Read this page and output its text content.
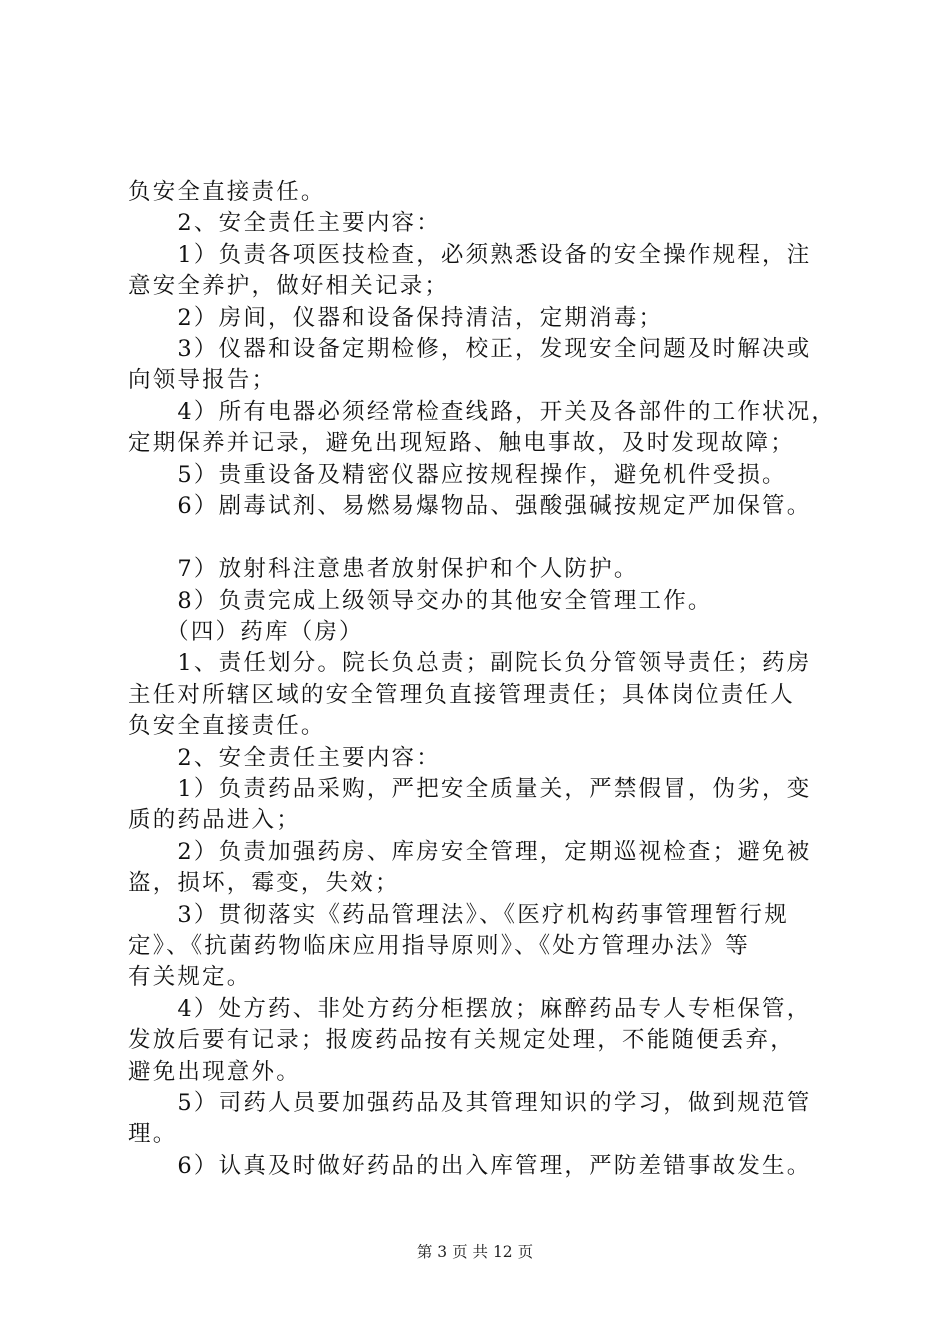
负安全直接责任。
　　2、安全责任主要内容：
　　1）负责各项医技检查，必须熟悉设备的安全操作规程，注
意安全养护，做好相关记录；
　　2）房间，仪器和设备保持清洁，定期消毒；
　　3）仪器和设备定期检修，校正，发现安全问题及时解决或
向领导报告；
　　4）所有电器必须经常检查线路，开关及各部件的工作状况，
定期保养并记录，避免出现短路、触电事故，及时发现故障；
　　5）贵重设备及精密仪器应按规程操作，避免机件受损。
　　6）剧毒试剂、易燃易爆物品、强酸强碱按规定严加保管。
　　7）放射科注意患者放射保护和个人防护。
　　8）负责完成上级领导交办的其他安全管理工作。
　　（四）药库（房）
　　1、责任划分。院长负总责；副院长负分管领导责任；药房
主任对所辖区域的安全管理负直接管理责任；具体岗位责任人
负安全直接责任。
　　2、安全责任主要内容：
　　1）负责药品采购，严把安全质量关，严禁假冒，伪劣，变
质的药品进入；
　　2）负责加强药房、库房安全管理，定期巡视检查；避免被
盗，损坏，霉变，失效；
　　3）贯彻落实《药品管理法》、《医疗机构药事管理暂行规
定》、《抗菌药物临床应用指导原则》、《处方管理办法》等
有关规定。
　　4）处方药、非处方药分柜摆放；麻醉药品专人专柜保管，
发放后要有记录；报废药品按有关规定处理，不能随便丢弃，
避免出现意外。
　　5）司药人员要加强药品及其管理知识的学习，做到规范管
理。
　　6）认真及时做好药品的出入库管理，严防差错事故发生。
第 3 页 共 12 页
